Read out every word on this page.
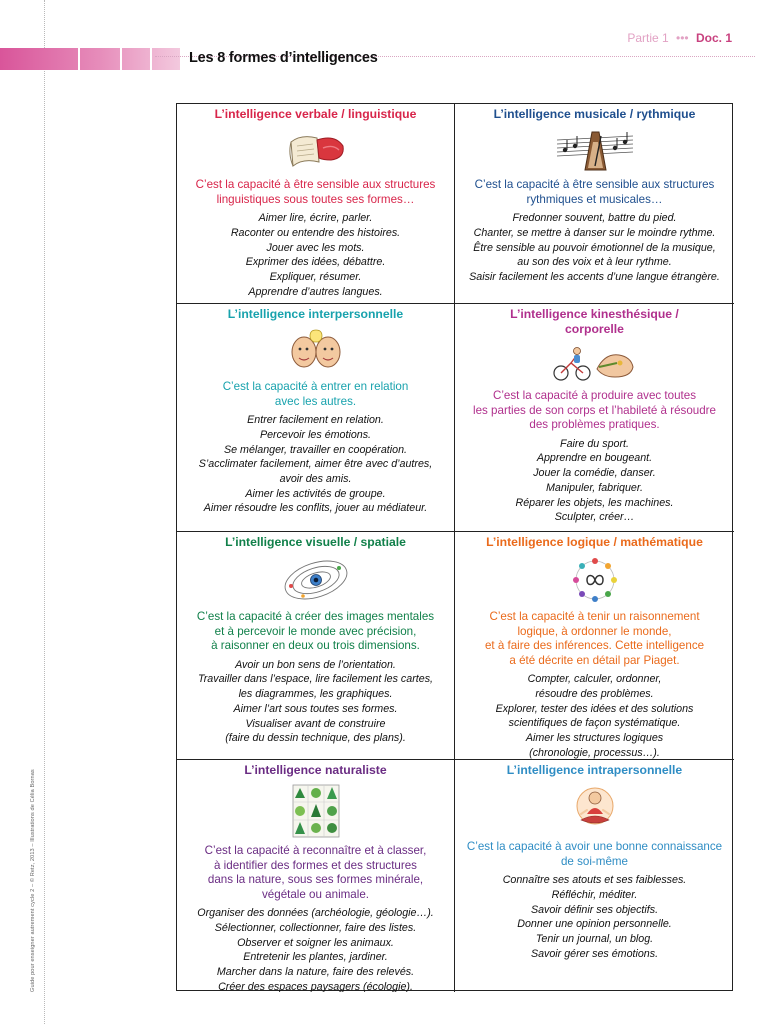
Guide pour enseigner autrement cycle 2 – © Retz, 2013 – Illustrations de Célia Bornas
Partie 1 ••• Doc. 1
Les 8 formes d’intelligences
L’intelligence verbale / linguistique
C’est la capacité à être sensible aux structures
linguistiques sous toutes ses formes…
Aimer lire, écrire, parler.
Raconter ou entendre des histoires.
Jouer avec les mots.
Exprimer des idées, débattre.
Expliquer, résumer.
Apprendre d’autres langues.
L’intelligence musicale / rythmique
C’est la capacité à être sensible aux structures
rythmiques et musicales…
Fredonner souvent, battre du pied.
Chanter, se mettre à danser sur le moindre rythme.
Être sensible au pouvoir émotionnel de la musique,
au son des voix et à leur rythme.
Saisir facilement les accents d’une langue étrangère.
L’intelligence interpersonnelle
C’est la capacité à entrer en relation
avec les autres.
Entrer facilement en relation.
Percevoir les émotions.
Se mélanger, travailler en coopération.
S’acclimater facilement, aimer être avec d’autres,
avoir des amis.
Aimer les activités de groupe.
Aimer résoudre les conflits, jouer au médiateur.
L’intelligence kinesthésique /
corporelle
C’est la capacité à produire avec toutes
les parties de son corps et l’habileté à résoudre
des problèmes pratiques.
Faire du sport.
Apprendre en bougeant.
Jouer la comédie, danser.
Manipuler, fabriquer.
Réparer les objets, les machines.
Sculpter, créer…
L’intelligence visuelle / spatiale
C’est la capacité à créer des images mentales
et à percevoir le monde avec précision,
à raisonner en deux ou trois dimensions.
Avoir un bon sens de l’orientation.
Travailler dans l’espace, lire facilement les cartes,
les diagrammes, les graphiques.
Aimer l’art sous toutes ses formes.
Visualiser avant de construire
(faire du dessin technique, des plans).
L’intelligence logique / mathématique
C’est la capacité à tenir un raisonnement
logique, à ordonner le monde,
et à faire des inférences. Cette intelligence
a été décrite en détail par Piaget.
Compter, calculer, ordonner,
résoudre des problèmes.
Explorer, tester des idées et des solutions
scientifiques de façon systématique.
Aimer les structures logiques
(chronologie, processus…).
L’intelligence naturaliste
C’est la capacité à reconnaître et à classer,
à identifier des formes et des structures
dans la nature, sous ses formes minérale,
végétale ou animale.
Organiser des données (archéologie, géologie…).
Sélectionner, collectionner, faire des listes.
Observer et soigner les animaux.
Entretenir les plantes, jardiner.
Marcher dans la nature, faire des relevés.
Créer des espaces paysagers (écologie).
L’intelligence intrapersonnelle
C’est la capacité à avoir une bonne connaissance
de soi-même
Connaître ses atouts et ses faiblesses.
Réfléchir, méditer.
Savoir définir ses objectifs.
Donner une opinion personnelle.
Tenir un journal, un blog.
Savoir gérer ses émotions.
